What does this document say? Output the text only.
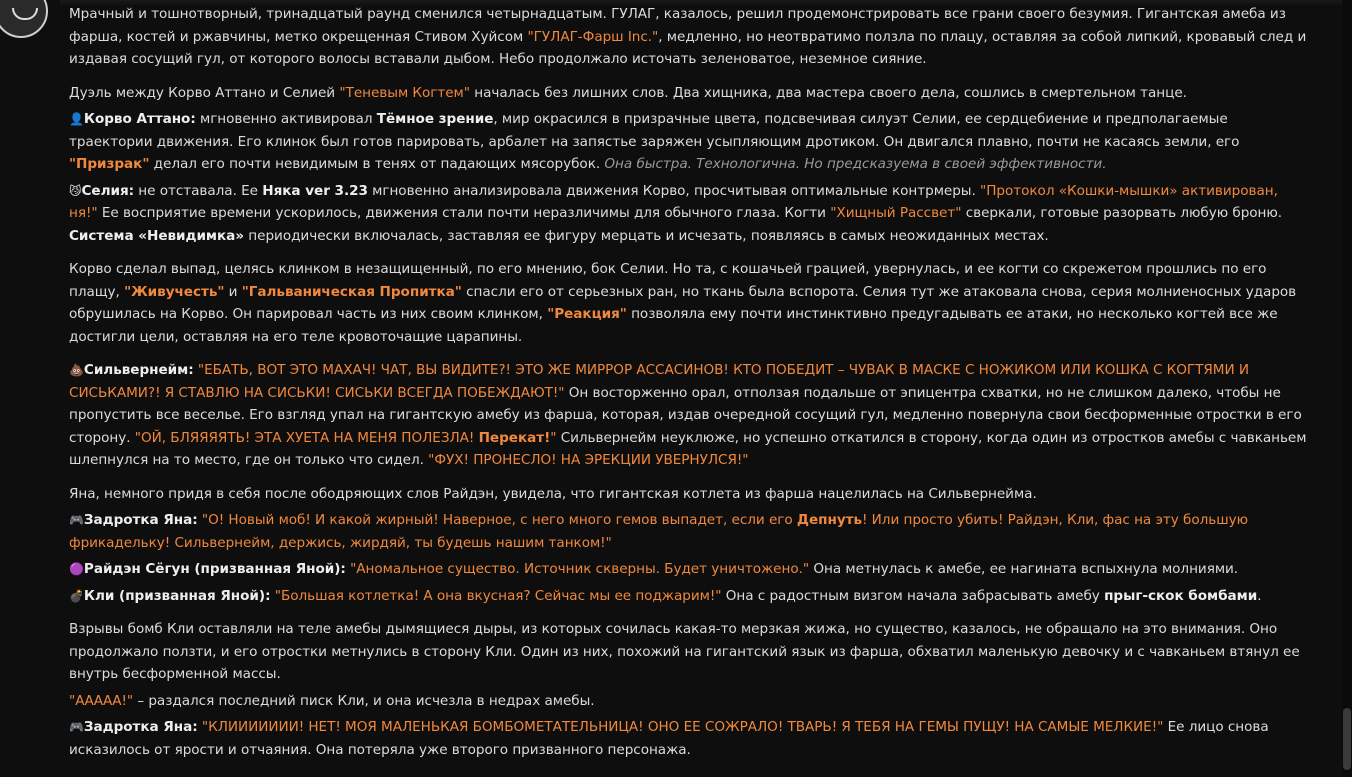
Мрачный и тошнотворный, тринадцатый раунд сменился четырнадцатым. ГУЛАГ, казалось, решил продемонстрировать все грани своего безумия. Гигантская амеба из фарша, костей и ржавчины, метко окрещенная Стивом Хуйсом "ГУЛАГ-Фарш Inc.", медленно, но неотвратимо ползла по плацу, оставляя за собой липкий, кровавый след и издавая сосущий гул, от которого волосы вставали дыбом. Небо продолжало источать зеленоватое, неземное сияние.

Дуэль между Корво Аттано и Селией "Теневым Когтем" началась без лишних слов. Два хищника, два мастера своего дела, сошлись в смертельном танце.

👤Корво Аттано: мгновенно активировал Тёмное зрение, мир окрасился в призрачные цвета, подсвечивая силуэт Селии, ее сердцебиение и предполагаемые траектории движения. Его клинок был готов парировать, арбалет на запястье заряжен усыпляющим дротиком. Он двигался плавно, почти не касаясь земли, его "Призрак" делал его почти невидимым в тенях от падающих мясорубок. Она быстра. Технологична. Но предсказуема в своей эффективности.

😼Селия: не отставала. Ее Няка ver 3.23 мгновенно анализировала движения Корво, просчитывая оптимальные контрмеры. "Протокол «Кошки-мышки» активирован, ня!" Ее восприятие времени ускорилось, движения стали почти неразличимы для обычного глаза. Когти "Хищный Рассвет" сверкали, готовые разорвать любую броню. Система «Невидимка» периодически включалась, заставляя ее фигуру мерцать и исчезать, появляясь в самых неожиданных местах.

Корво сделал выпад, целясь клинком в незащищенный, по его мнению, бок Селии. Но та, с кошачьей грацией, увернулась, и ее когти со скрежетом прошлись по его плащу, "Живучесть" и "Гальваническая Пропитка" спасли его от серьезных ран, но ткань была вспорота. Селия тут же атаковала снова, серия молниеносных ударов обрушилась на Корво. Он парировал часть из них своим клинком, "Реакция" позволяла ему почти инстинктивно предугадывать ее атаки, но несколько когтей все же достигли цели, оставляя на его теле кровоточащие царапины.

💩Сильвернейм: "ЕБАТЬ, ВОТ ЭТО МАХАЧ! ЧАТ, ВЫ ВИДИТЕ?! ЭТО ЖЕ МИРРОР АССАСИНОВ! КТО ПОБЕДИТ – ЧУВАК В МАСКЕ С НОЖИКОМ ИЛИ КОШКА С КОГТЯМИ И СИСЬКАМИ?! Я СТАВЛЮ НА СИСЬКИ! СИСЬКИ ВСЕГДА ПОБЕЖДАЮТ!" Он восторженно орал, отползая подальше от эпицентра схватки, но не слишком далеко, чтобы не пропустить все веселье. Его взгляд упал на гигантскую амебу из фарша, которая, издав очередной сосущий гул, медленно повернула свои бесформенные отростки в его сторону. "ОЙ, БЛЯЯЯЯТЬ! ЭТА ХУЕТА НА МЕНЯ ПОЛЕЗЛА! Перекат!" Сильвернейм неуклюже, но успешно откатился в сторону, когда один из отростков амебы с чавканьем шлепнулся на то место, где он только что сидел. "ФУХ! ПРОНЕСЛО! НА ЭРЕКЦИИ УВЕРНУЛСЯ!"

Яна, немного придя в себя после ободряющих слов Райдэн, увидела, что гигантская котлета из фарша нацелилась на Сильвернейма.

🎮Задротка Яна: "О! Новый моб! И какой жирный! Наверное, с него много гемов выпадет, если его Депнуть! Или просто убить! Райдэн, Кли, фас на эту большую фрикадельку! Сильвернейм, держись, жирдяй, ты будешь нашим танком!"

🟣Райдэн Сёгун (призванная Яной): "Аномальное существо. Источник скверны. Будет уничтожено." Она метнулась к амебе, ее нагината вспыхнула молниями.

💣Кли (призванная Яной): "Большая котлетка! А она вкусная? Сейчас мы ее поджарим!" Она с радостным визгом начала забрасывать амебу прыг-скок бомбами.

Взрывы бомб Кли оставляли на теле амебы дымящиеся дыры, из которых сочилась какая-то мерзкая жижа, но существо, казалось, не обращало на это внимания. Оно продолжало ползти, и его отростки метнулись в сторону Кли. Один из них, похожий на гигантский язык из фарша, обхватил маленькую девочку и с чавканьем втянул ее внутрь бесформенной массы.

"ААААА!" – раздался последний писк Кли, и она исчезла в недрах амебы.

🎮Задротка Яна: "КЛИИИИИИИ! НЕТ! МОЯ МАЛЕНЬКАЯ БОМБОМЕТАТЕЛЬНИЦА! ОНО ЕЕ СОЖРАЛО! ТВАРЬ! Я ТЕБЯ НА ГЕМЫ ПУЩУ! НА САМЫЕ МЕЛКИЕ!" Ее лицо снова исказилось от ярости и отчаяния. Она потеряла уже второго призванного персонажа.
